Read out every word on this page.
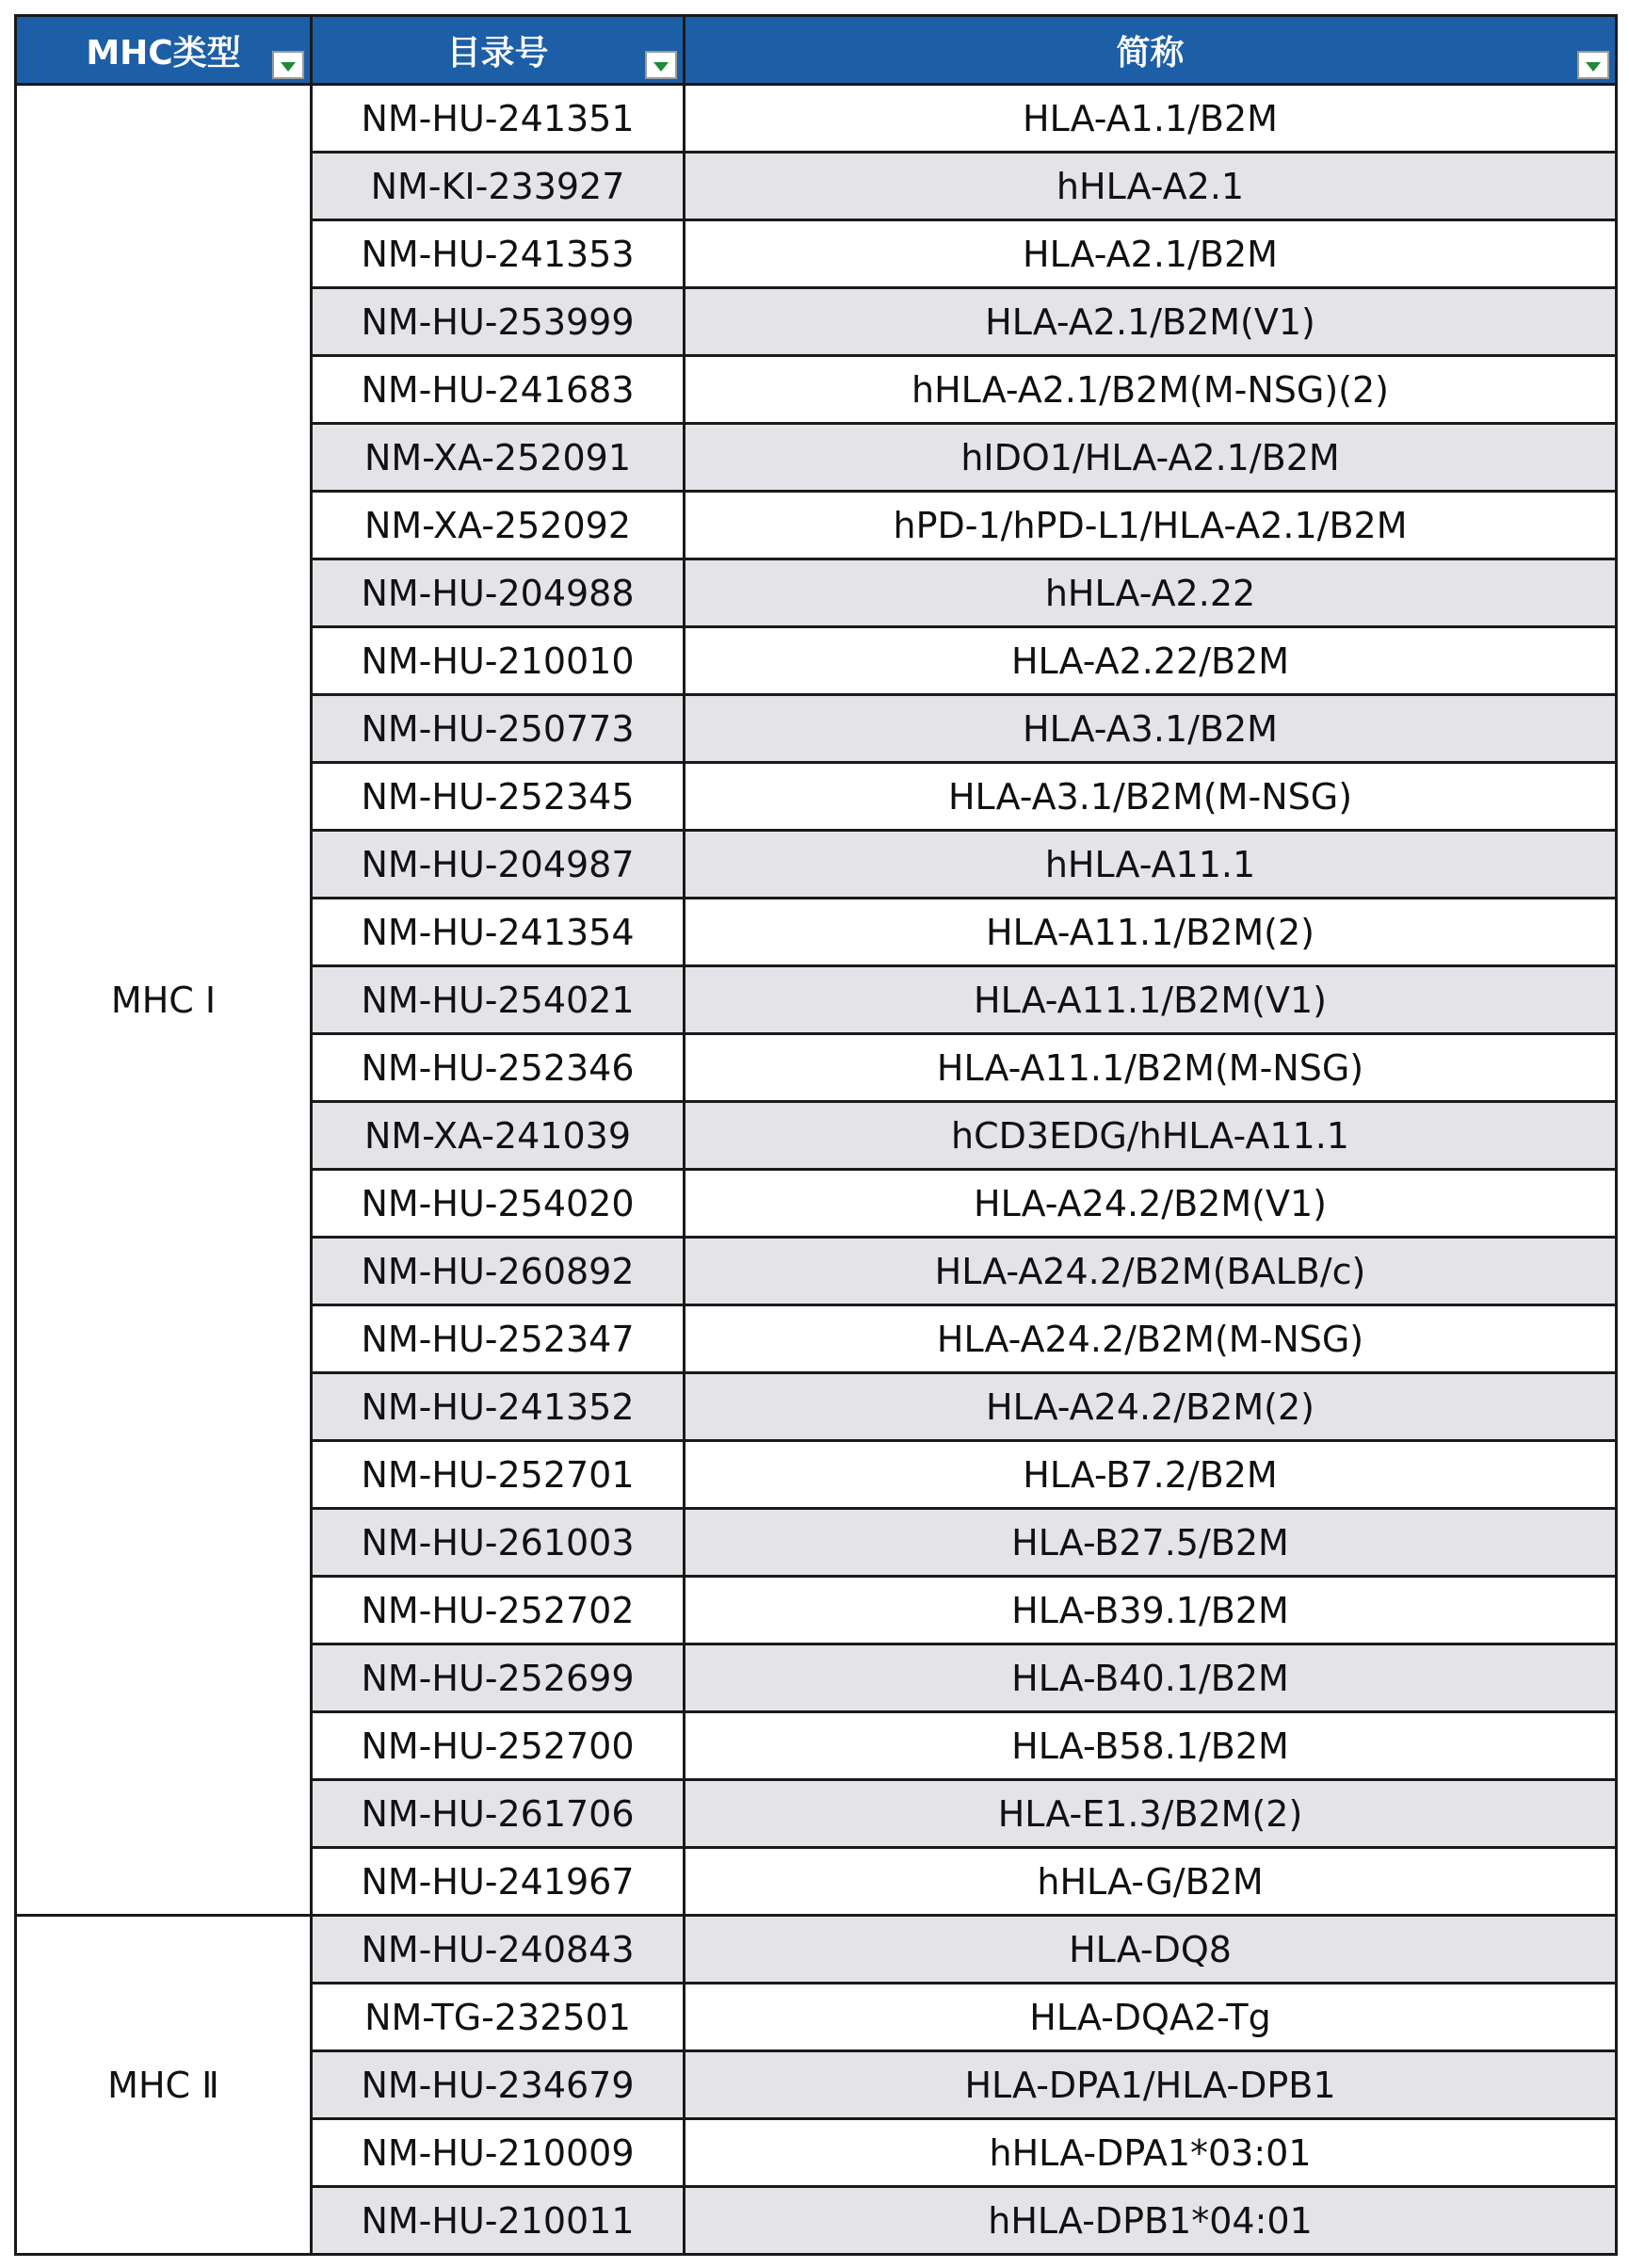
MHC类型	目录号	简称

MHC Ⅰ	NM-HU-241351	HLA-A1.1/B2M
	NM-KI-233927	hHLA-A2.1
	NM-HU-241353	HLA-A2.1/B2M
	NM-HU-253999	HLA-A2.1/B2M(V1)
	NM-HU-241683	hHLA-A2.1/B2M(M-NSG)(2)
	NM-XA-252091	hIDO1/HLA-A2.1/B2M
	NM-XA-252092	hPD-1/hPD-L1/HLA-A2.1/B2M
	NM-HU-204988	hHLA-A2.22
	NM-HU-210010	HLA-A2.22/B2M
	NM-HU-250773	HLA-A3.1/B2M
	NM-HU-252345	HLA-A3.1/B2M(M-NSG)
	NM-HU-204987	hHLA-A11.1
	NM-HU-241354	HLA-A11.1/B2M(2)
	NM-HU-254021	HLA-A11.1/B2M(V1)
	NM-HU-252346	HLA-A11.1/B2M(M-NSG)
	NM-XA-241039	hCD3EDG/hHLA-A11.1
	NM-HU-254020	HLA-A24.2/B2M(V1)
	NM-HU-260892	HLA-A24.2/B2M(BALB/c)
	NM-HU-252347	HLA-A24.2/B2M(M-NSG)
	NM-HU-241352	HLA-A24.2/B2M(2)
	NM-HU-252701	HLA-B7.2/B2M
	NM-HU-261003	HLA-B27.5/B2M
	NM-HU-252702	HLA-B39.1/B2M
	NM-HU-252699	HLA-B40.1/B2M
	NM-HU-252700	HLA-B58.1/B2M
	NM-HU-261706	HLA-E1.3/B2M(2)
	NM-HU-241967	hHLA-G/B2M
MHC Ⅱ	NM-HU-240843	HLA-DQ8
	NM-TG-232501	HLA-DQA2-Tg
	NM-HU-234679	HLA-DPA1/HLA-DPB1
	NM-HU-210009	hHLA-DPA1*03:01
	NM-HU-210011	hHLA-DPB1*04:01
